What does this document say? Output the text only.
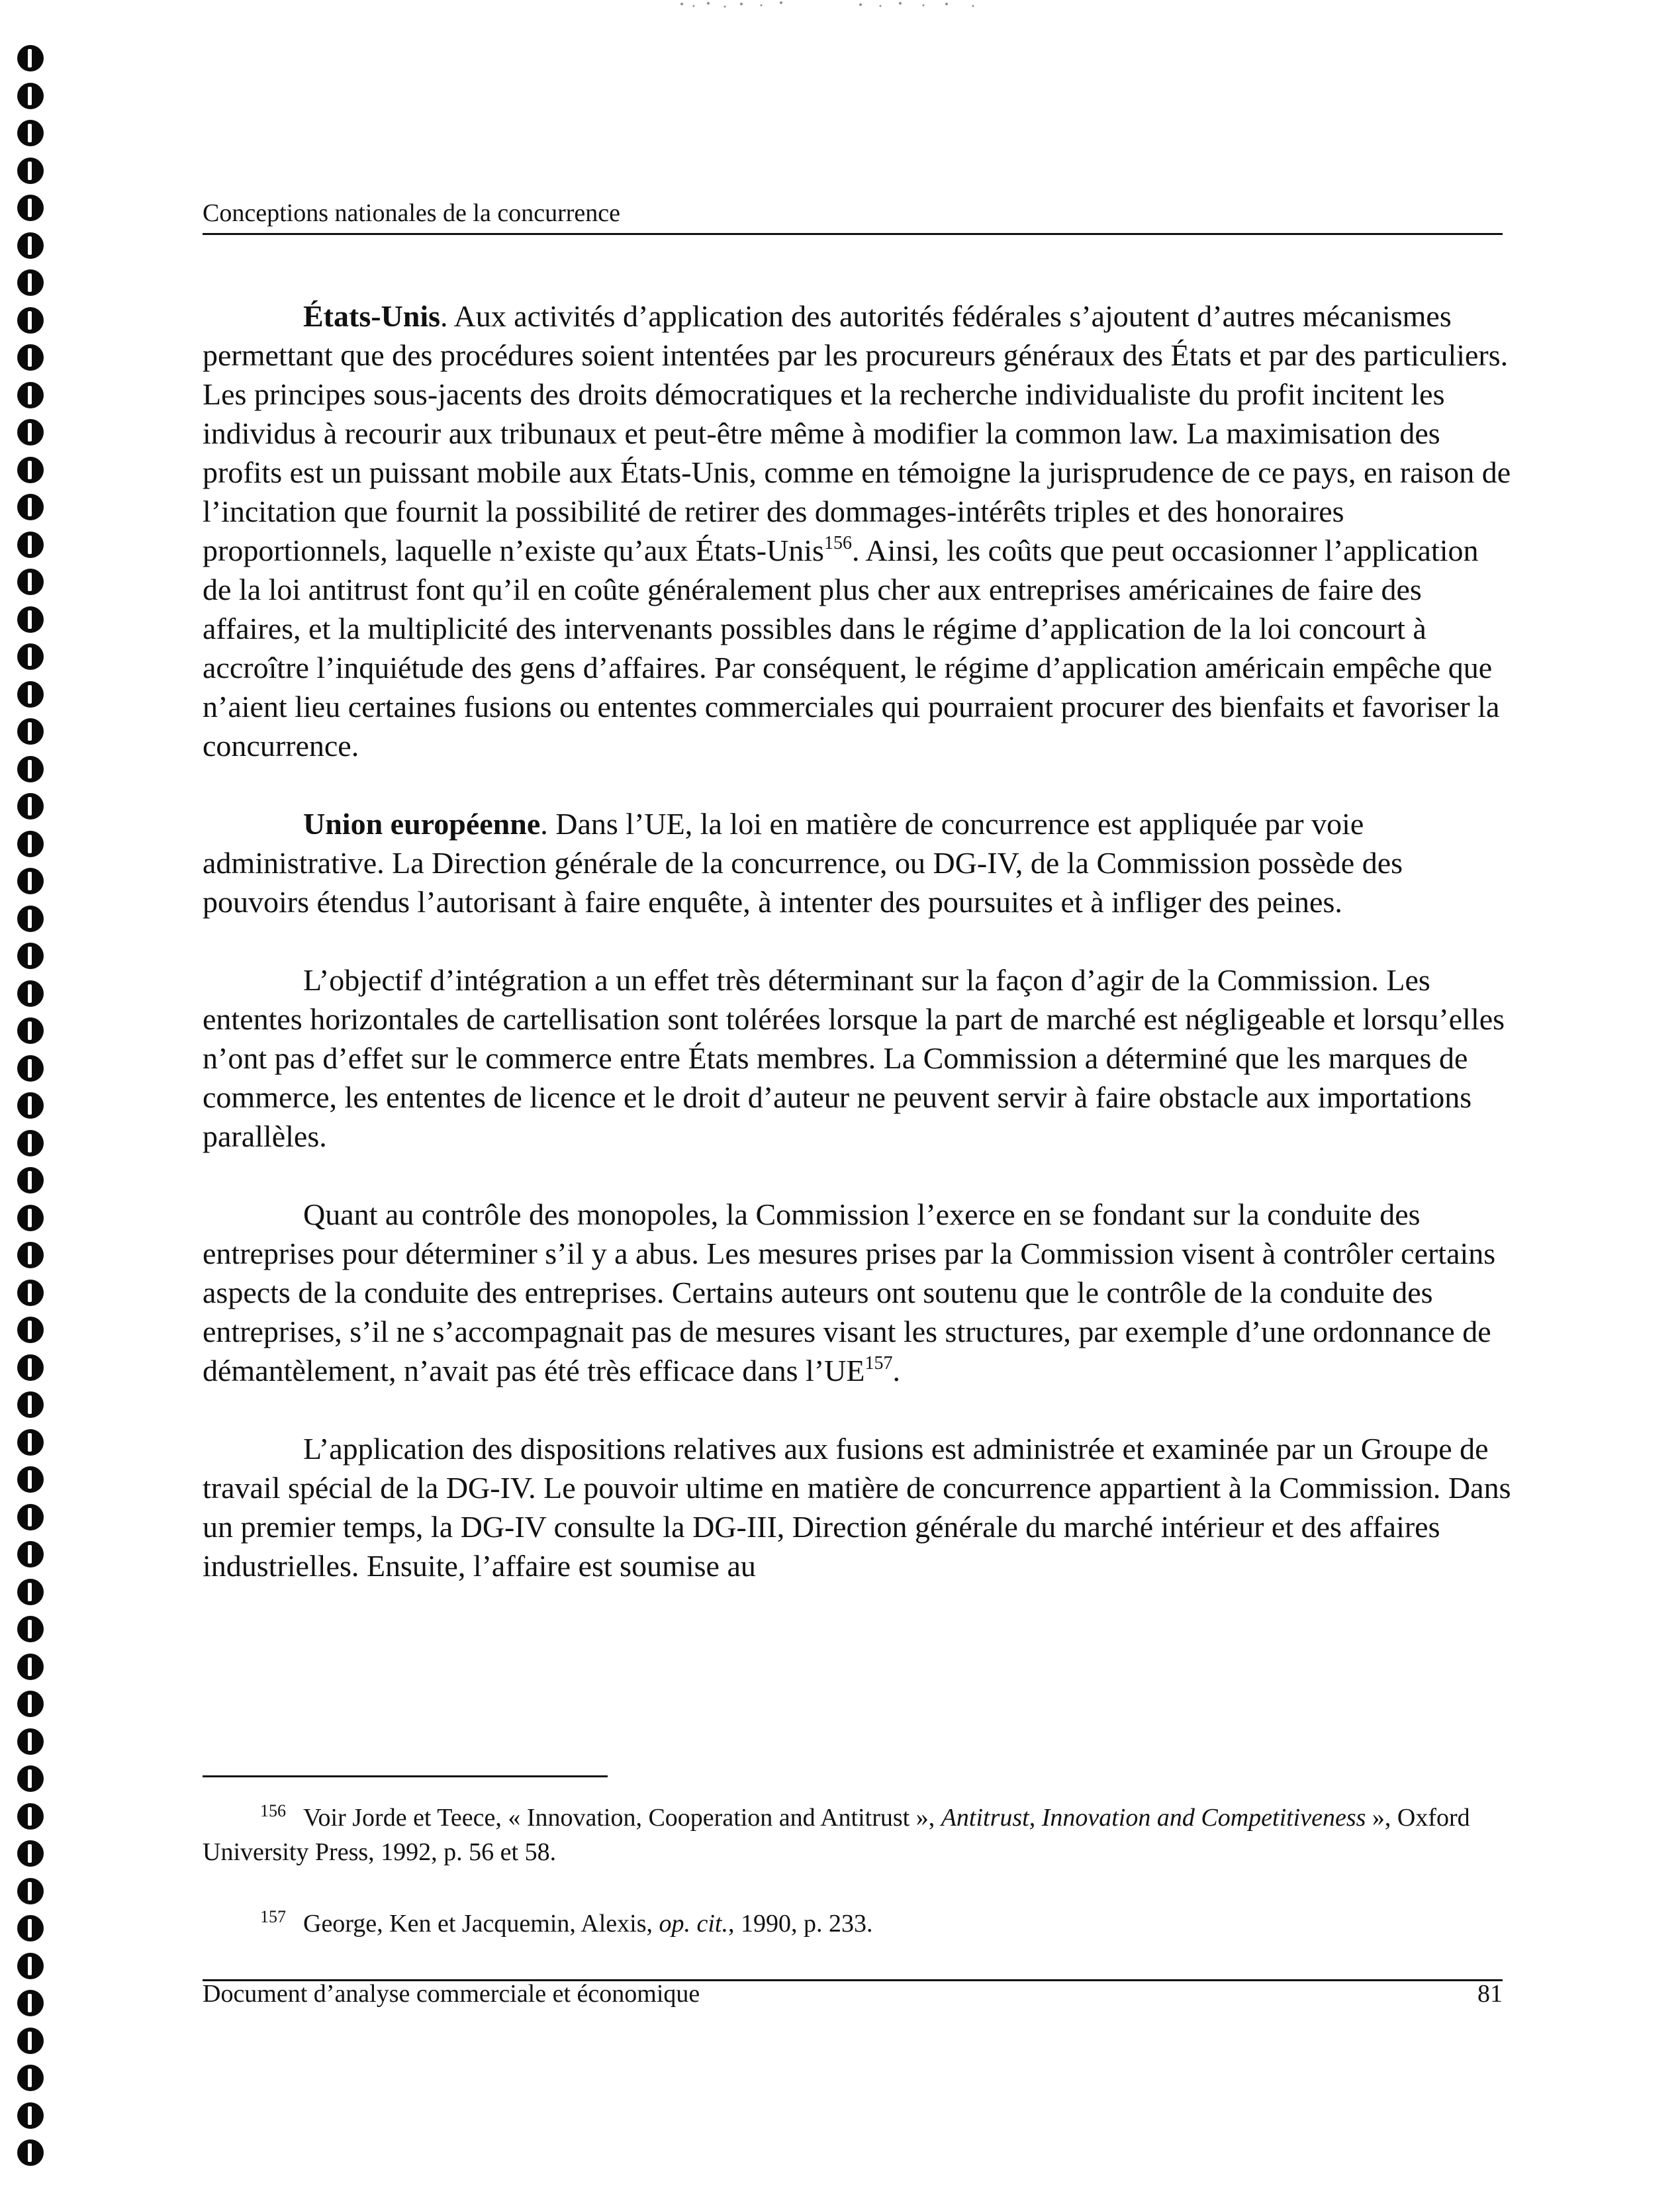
Conceptions nationales de la concurrence

États-Unis. Aux activités d’application des autorités fédérales s’ajoutent d’autres mécanismes permettant que des procédures soient intentées par les procureurs généraux des États et par des particuliers. Les principes sous-jacents des droits démocratiques et la recherche individualiste du profit incitent les individus à recourir aux tribunaux et peut-être même à modifier la common law. La maximisation des profits est un puissant mobile aux États-Unis, comme en témoigne la jurisprudence de ce pays, en raison de l’incitation que fournit la possibilité de retirer des dommages-intérêts triples et des honoraires proportionnels, laquelle n’existe qu’aux États-Unis$^{156}$. Ainsi, les coûts que peut occasionner l’application de la loi antitrust font qu’il en coûte généralement plus cher aux entreprises américaines de faire des affaires, et la multiplicité des intervenants possibles dans le régime d’application de la loi concourt à accroître l’inquiétude des gens d’affaires. Par conséquent, le régime d’application américain empêche que n’aient lieu certaines fusions ou ententes commerciales qui pourraient procurer des bienfaits et favoriser la concurrence.

Union européenne. Dans l’UE, la loi en matière de concurrence est appliquée par voie administrative. La Direction générale de la concurrence, ou DG-IV, de la Commission possède des pouvoirs étendus l’autorisant à faire enquête, à intenter des poursuites et à infliger des peines.

L’objectif d’intégration a un effet très déterminant sur la façon d’agir de la Commission. Les ententes horizontales de cartellisation sont tolérées lorsque la part de marché est négligeable et lorsqu’elles n’ont pas d’effet sur le commerce entre États membres. La Commission a déterminé que les marques de commerce, les ententes de licence et le droit d’auteur ne peuvent servir à faire obstacle aux importations parallèles.

Quant au contrôle des monopoles, la Commission l’exerce en se fondant sur la conduite des entreprises pour déterminer s’il y a abus. Les mesures prises par la Commission visent à contrôler certains aspects de la conduite des entreprises. Certains auteurs ont soutenu que le contrôle de la conduite des entreprises, s’il ne s’accompagnait pas de mesures visant les structures, par exemple d’une ordonnance de démantèlement, n’avait pas été très efficace dans l’UE$^{157}$.

L’application des dispositions relatives aux fusions est administrée et examinée par un Groupe de travail spécial de la DG-IV. Le pouvoir ultime en matière de concurrence appartient à la Commission. Dans un premier temps, la DG-IV consulte la DG-III, Direction générale du marché intérieur et des affaires industrielles. Ensuite, l’affaire est soumise au

$^{156}$ Voir Jorde et Teece, « Innovation, Cooperation and Antitrust », Antitrust, Innovation and Competitiveness », Oxford University Press, 1992, p. 56 et 58.
$^{157}$ George, Ken et Jacquemin, Alexis, op. cit., 1990, p. 233.
Document d’analyse commerciale et économique	81
